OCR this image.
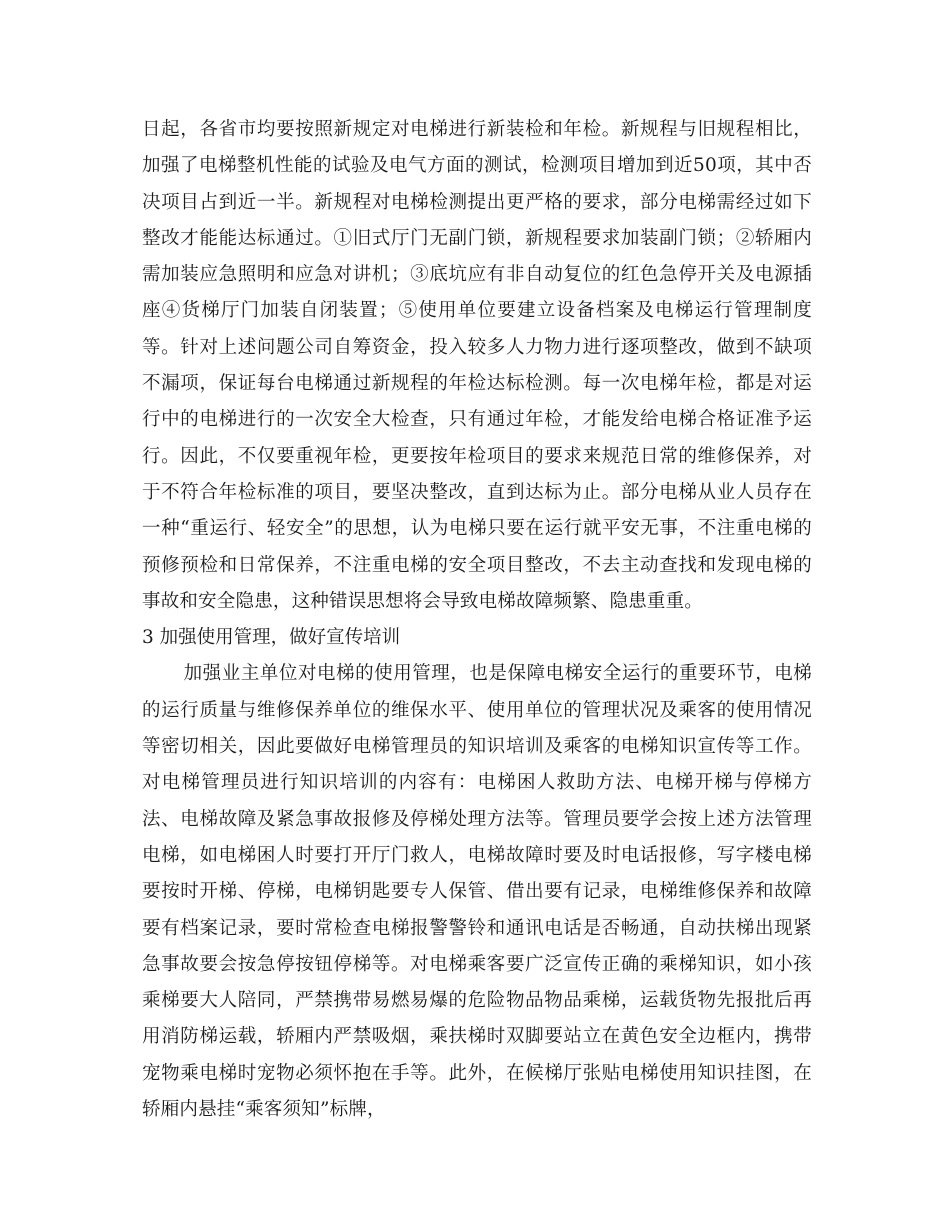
日起，各省市均要按照新规定对电梯进行新装检和年检。新规程与旧规程相比，加强了电梯整机性能的试验及电气方面的测试，检测项目增加到近50项，其中否决项目占到近一半。新规程对电梯检测提出更严格的要求，部分电梯需经过如下整改才能能达标通过。①旧式厅门无副门锁，新规程要求加装副门锁；②轿厢内需加装应急照明和应急对讲机；③底坑应有非自动复位的红色急停开关及电源插座④货梯厅门加装自闭装置；⑤使用单位要建立设备档案及电梯运行管理制度等。针对上述问题公司自筹资金，投入较多人力物力进行逐项整改，做到不缺项不漏项，保证每台电梯通过新规程的年检达标检测。每一次电梯年检，都是对运行中的电梯进行的一次安全大检查，只有通过年检，才能发给电梯合格证准予运行。因此，不仅要重视年检，更要按年检项目的要求来规范日常的维修保养，对于不符合年检标准的项目，要坚决整改，直到达标为止。部分电梯从业人员存在一种“重运行、轻安全”的思想，认为电梯只要在运行就平安无事，不注重电梯的预修预检和日常保养，不注重电梯的安全项目整改，不去主动查找和发现电梯的事故和安全隐患，这种错误思想将会导致电梯故障频繁、隐患重重。

3 加强使用管理，做好宣传培训

加强业主单位对电梯的使用管理，也是保障电梯安全运行的重要环节，电梯的运行质量与维修保养单位的维保水平、使用单位的管理状况及乘客的使用情况等密切相关，因此要做好电梯管理员的知识培训及乘客的电梯知识宣传等工作。对电梯管理员进行知识培训的内容有：电梯困人救助方法、电梯开梯与停梯方法、电梯故障及紧急事故报修及停梯处理方法等。管理员要学会按上述方法管理电梯，如电梯困人时要打开厅门救人，电梯故障时要及时电话报修，写字楼电梯要按时开梯、停梯，电梯钥匙要专人保管、借出要有记录，电梯维修保养和故障要有档案记录，要时常检查电梯报警警铃和通讯电话是否畅通，自动扶梯出现紧急事故要会按急停按钮停梯等。对电梯乘客要广泛宣传正确的乘梯知识，如小孩乘梯要大人陪同，严禁携带易燃易爆的危险物品物品乘梯，运载货物先报批后再用消防梯运载，轿厢内严禁吸烟，乘扶梯时双脚要站立在黄色安全边框内，携带宠物乘电梯时宠物必须怀抱在手等。此外，在候梯厅张贴电梯使用知识挂图，在轿厢内悬挂“乘客须知”标牌，
